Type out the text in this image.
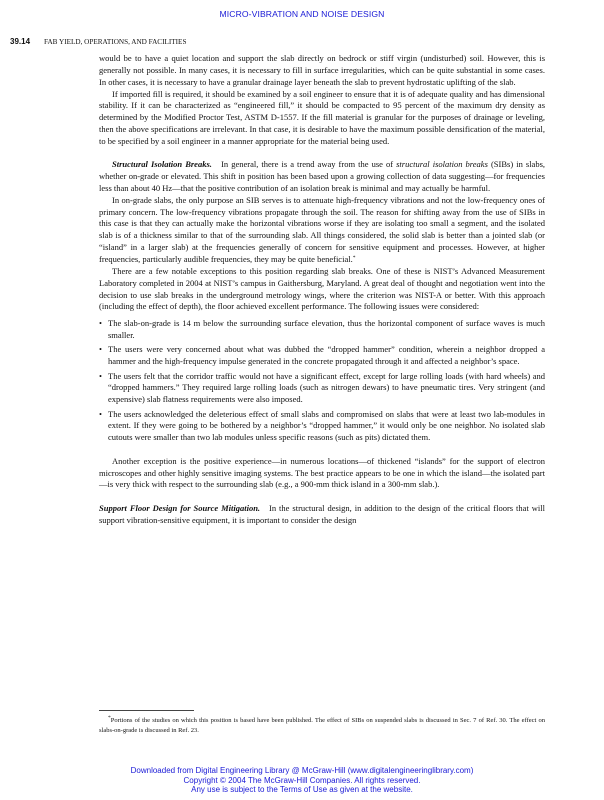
MICRO-VIBRATION AND NOISE DESIGN
39.14 FAB YIELD, OPERATIONS, AND FACILITIES

would be to have a quiet location and support the slab directly on bedrock or stiff virgin (undisturbed) soil. However, this is generally not possible. In many cases, it is necessary to fill in surface irregularities, which can be quite substantial in some cases. In other cases, it is necessary to have a granular drainage layer beneath the slab to prevent hydrostatic uplifting of the slab.

If imported fill is required, it should be examined by a soil engineer to ensure that it is of adequate quality and has dimensional stability. If it can be characterized as “engineered fill,” it should be compacted to 95 percent of the maximum dry density as determined by the Modified Proctor Test, ASTM D-1557. If the fill material is granular for the purposes of drainage or leveling, then the above specifications are irrelevant. In that case, it is desirable to have the maximum possible densification of the material, to be specified by a soil engineer in a manner appropriate for the material being used.

Structural Isolation Breaks. In general, there is a trend away from the use of structural isolation breaks (SIBs) in slabs, whether on-grade or elevated. This shift in position has been based upon a growing collection of data suggesting—for frequencies less than about 40 Hz—that the positive contribution of an isolation break is minimal and may actually be harmful.

In on-grade slabs, the only purpose an SIB serves is to attenuate high-frequency vibrations and not the low-frequency ones of primary concern. The low-frequency vibrations propagate through the soil. The reason for shifting away from the use of SIBs in this case is that they can actually make the horizontal vibrations worse if they are isolating too small a segment, and the isolated slab is of a thickness similar to that of the surrounding slab. All things considered, the solid slab is better than a jointed slab (or “island” in a larger slab) at the frequencies generally of concern for sensitive equipment and processes. However, at higher frequencies, particularly audible frequencies, they may be quite beneficial.*

There are a few notable exceptions to this position regarding slab breaks. One of these is NIST’s Advanced Measurement Laboratory completed in 2004 at NIST’s campus in Gaithersburg, Maryland. A great deal of thought and negotiation went into the decision to use slab breaks in the underground metrology wings, where the criterion was NIST-A or better. With this approach (including the effect of depth), the floor achieved excellent performance. The following issues were considered:

• The slab-on-grade is 14 m below the surrounding surface elevation, thus the horizontal component of surface waves is much smaller.
• The users were very concerned about what was dubbed the “dropped hammer” condition, wherein a neighbor dropped a hammer and the high-frequency impulse generated in the concrete propagated through it and affected a neighbor’s space.
• The users felt that the corridor traffic would not have a significant effect, except for large rolling loads (with hard wheels) and “dropped hammers.” They required large rolling loads (such as nitrogen dewars) to have pneumatic tires. Very stringent (and expensive) slab flatness requirements were also imposed.
• The users acknowledged the deleterious effect of small slabs and compromised on slabs that were at least two lab-modules in extent. If they were going to be bothered by a neighbor’s “dropped hammer,” it would only be one neighbor. No isolated slab cutouts were smaller than two lab modules unless specific reasons (such as pits) dictated them.

Another exception is the positive experience—in numerous locations—of thickened “islands” for the support of electron microscopes and other highly sensitive imaging systems. The best practice appears to be one in which the island—the isolated part—is very thick with respect to the surrounding slab (e.g., a 900-mm thick island in a 300-mm slab.).

Support Floor Design for Source Mitigation. In the structural design, in addition to the design of the critical floors that will support vibration-sensitive equipment, it is important to consider the design

*Portions of the studies on which this position is based have been published. The effect of SIBs on suspended slabs is discussed in Sec. 7 of Ref. 30. The effect on slabs-on-grade is discussed in Ref. 23.

Downloaded from Digital Engineering Library @ McGraw-Hill (www.digitalengineeringlibrary.com)
Copyright © 2004 The McGraw-Hill Companies. All rights reserved.
Any use is subject to the Terms of Use as given at the website.
